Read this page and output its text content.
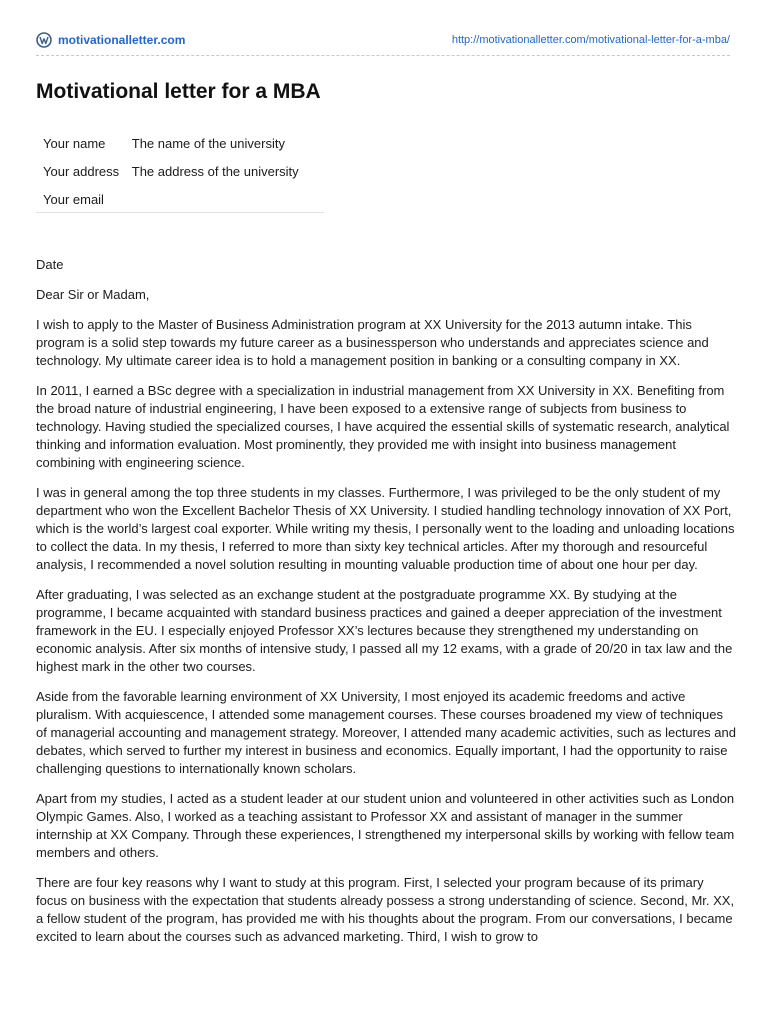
motivationalletter.com	http://motivationalletter.com/motivational-letter-for-a-mba/
Motivational letter for a MBA
Your name	The name of the university
Your address	The address of the university
Your email	

Date

Dear Sir or Madam,

I wish to apply to the Master of Business Administration program at XX University for the 2013 autumn intake. This program is a solid step towards my future career as a businessperson who understands and appreciates science and technology. My ultimate career idea is to hold a management position in banking or a consulting company in XX.

In 2011, I earned a BSc degree with a specialization in industrial management from XX University in XX. Benefiting from the broad nature of industrial engineering, I have been exposed to a extensive range of subjects from business to technology. Having studied the specialized courses, I have acquired the essential skills of systematic research, analytical thinking and information evaluation. Most prominently, they provided me with insight into business management combining with engineering science.

I was in general among the top three students in my classes. Furthermore, I was privileged to be the only student of my department who won the Excellent Bachelor Thesis of XX University. I studied handling technology innovation of XX Port, which is the world’s largest coal exporter. While writing my thesis, I personally went to the loading and unloading locations to collect the data. In my thesis, I referred to more than sixty key technical articles. After my thorough and resourceful analysis, I recommended a novel solution resulting in mounting valuable production time of about one hour per day.

After graduating, I was selected as an exchange student at the postgraduate programme XX. By studying at the programme, I became acquainted with standard business practices and gained a deeper appreciation of the investment framework in the EU. I especially enjoyed Professor XX’s lectures because they strengthened my understanding on economic analysis. After six months of intensive study, I passed all my 12 exams, with a grade of 20/20 in tax law and the highest mark in the other two courses.

Aside from the favorable learning environment of XX University, I most enjoyed its academic freedoms and active pluralism. With acquiescence, I attended some management courses. These courses broadened my view of techniques of managerial accounting and management strategy. Moreover, I attended many academic activities, such as lectures and debates, which served to further my interest in business and economics. Equally important, I had the opportunity to raise challenging questions to internationally known scholars.

Apart from my studies, I acted as a student leader at our student union and volunteered in other activities such as London Olympic Games. Also, I worked as a teaching assistant to Professor XX and assistant of manager in the summer internship at XX Company. Through these experiences, I strengthened my interpersonal skills by working with fellow team members and others.

There are four key reasons why I want to study at this program. First, I selected your program because of its primary focus on business with the expectation that students already possess a strong understanding of science. Second, Mr. XX, a fellow student of the program, has provided me with his thoughts about the program. From our conversations, I became excited to learn about the courses such as advanced marketing. Third, I wish to grow to
